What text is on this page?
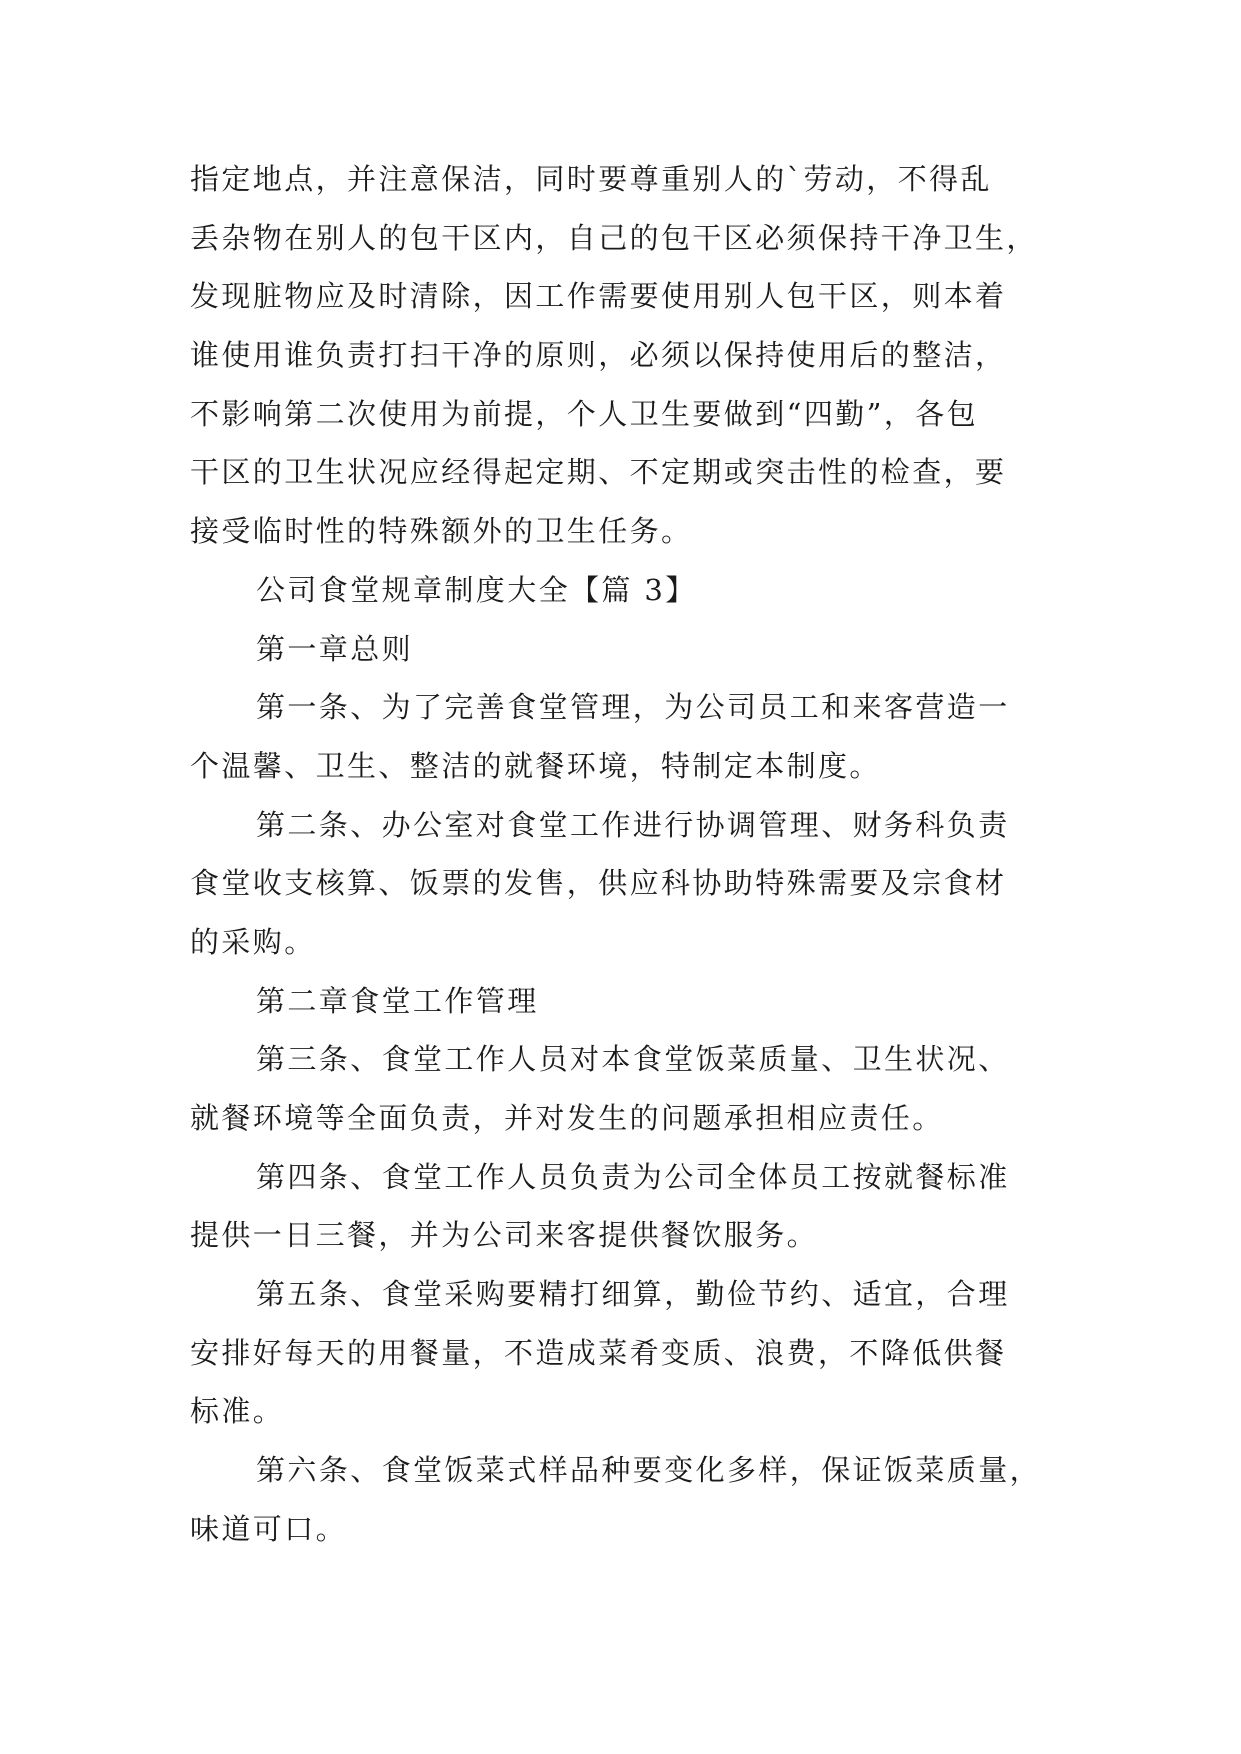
指定地点，并注意保洁，同时要尊重别人的`劳动，不得乱
丢杂物在别人的包干区内，自己的包干区必须保持干净卫生，
发现脏物应及时清除，因工作需要使用别人包干区，则本着
谁使用谁负责打扫干净的原则，必须以保持使用后的整洁，
不影响第二次使用为前提，个人卫生要做到“四勤”，各包
干区的卫生状况应经得起定期、不定期或突击性的检查，要
接受临时性的特殊额外的卫生任务。
公司食堂规章制度大全【篇 3】
第一章总则
第一条、为了完善食堂管理，为公司员工和来客营造一
个温馨、卫生、整洁的就餐环境，特制定本制度。
第二条、办公室对食堂工作进行协调管理、财务科负责
食堂收支核算、饭票的发售，供应科协助特殊需要及宗食材
的采购。
第二章食堂工作管理
第三条、食堂工作人员对本食堂饭菜质量、卫生状况、
就餐环境等全面负责，并对发生的问题承担相应责任。
第四条、食堂工作人员负责为公司全体员工按就餐标准
提供一日三餐，并为公司来客提供餐饮服务。
第五条、食堂采购要精打细算，勤俭节约、适宜，合理
安排好每天的用餐量，不造成菜肴变质、浪费，不降低供餐
标准。
第六条、食堂饭菜式样品种要变化多样，保证饭菜质量，
味道可口。
